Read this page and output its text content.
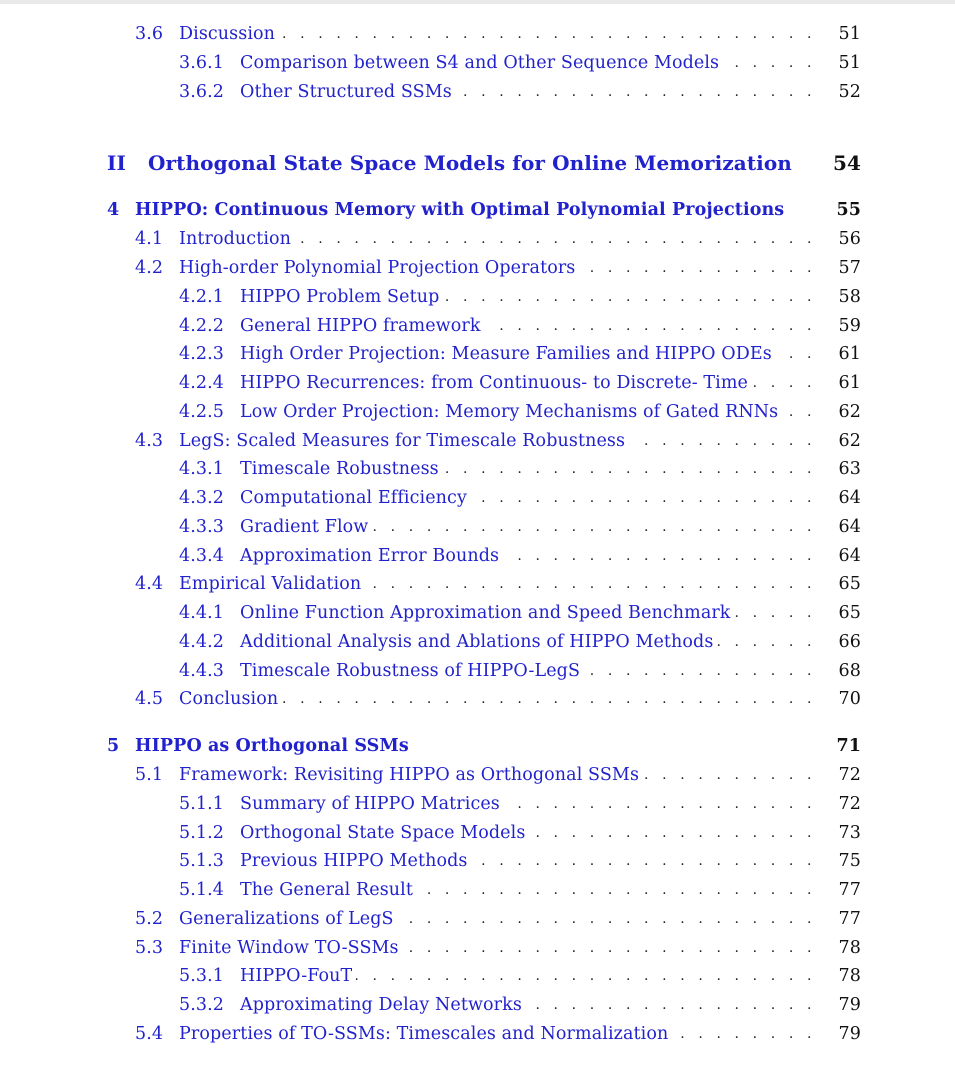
. . .
3.6 Discussion	51
. . .
3.6.1 Comparison between S4 and Other Sequence Models	51
. . .
3.6.2 Other Structured SSMs	52
II Orthogonal State Space Models for Online Memorization 54
4 HIPPO: Continuous Memory with Optimal Polynomial Projections	55
. . .
4.1 Introduction	56
. . .
4.2 High-order Polynomial Projection Operators	57
. . .
4.2.1 HIPPO Problem Setup	58
. . .
4.2.2 General HIPPO framework	59
. . .
4.2.3 High Order Projection: Measure Families and HIPPO ODEs	61
. . .
4.2.4 HIPPO Recurrences: from Continuous- to Discrete- Time	61
. . .
4.2.5 Low Order Projection: Memory Mechanisms of Gated RNNs	62
. . .
4.3 LegS: Scaled Measures for Timescale Robustness	62
. . .
4.3.1 Timescale Robustness	63
. . .
4.3.2 Computational Efficiency	64
. . .
4.3.3 Gradient Flow	64
. . .
4.3.4 Approximation Error Bounds	64
. . .
4.4 Empirical Validation	65
. . .
4.4.1 Online Function Approximation and Speed Benchmark	65
. . .
4.4.2 Additional Analysis and Ablations of HIPPO Methods	66
. . .
4.4.3 Timescale Robustness of HIPPO-LegS	68
. . .
4.5 Conclusion	70
5 HIPPO as Orthogonal SSMs	71
. . .
5.1 Framework: Revisiting HIPPO as Orthogonal SSMs	72
. . .
5.1.1 Summary of HIPPO Matrices	72
. . .
5.1.2 Orthogonal State Space Models	73
. . .
5.1.3 Previous HIPPO Methods	75
. . .
5.1.4 The General Result	77
. . .
5.2 Generalizations of LegS	77
. . .
5.3 Finite Window TO-SSMs	78
. . .
5.3.1 HIPPO-FouT	78
. . .
5.3.2 Approximating Delay Networks	79
. . .
5.4 Properties of TO-SSMs: Timescales and Normalization	79
